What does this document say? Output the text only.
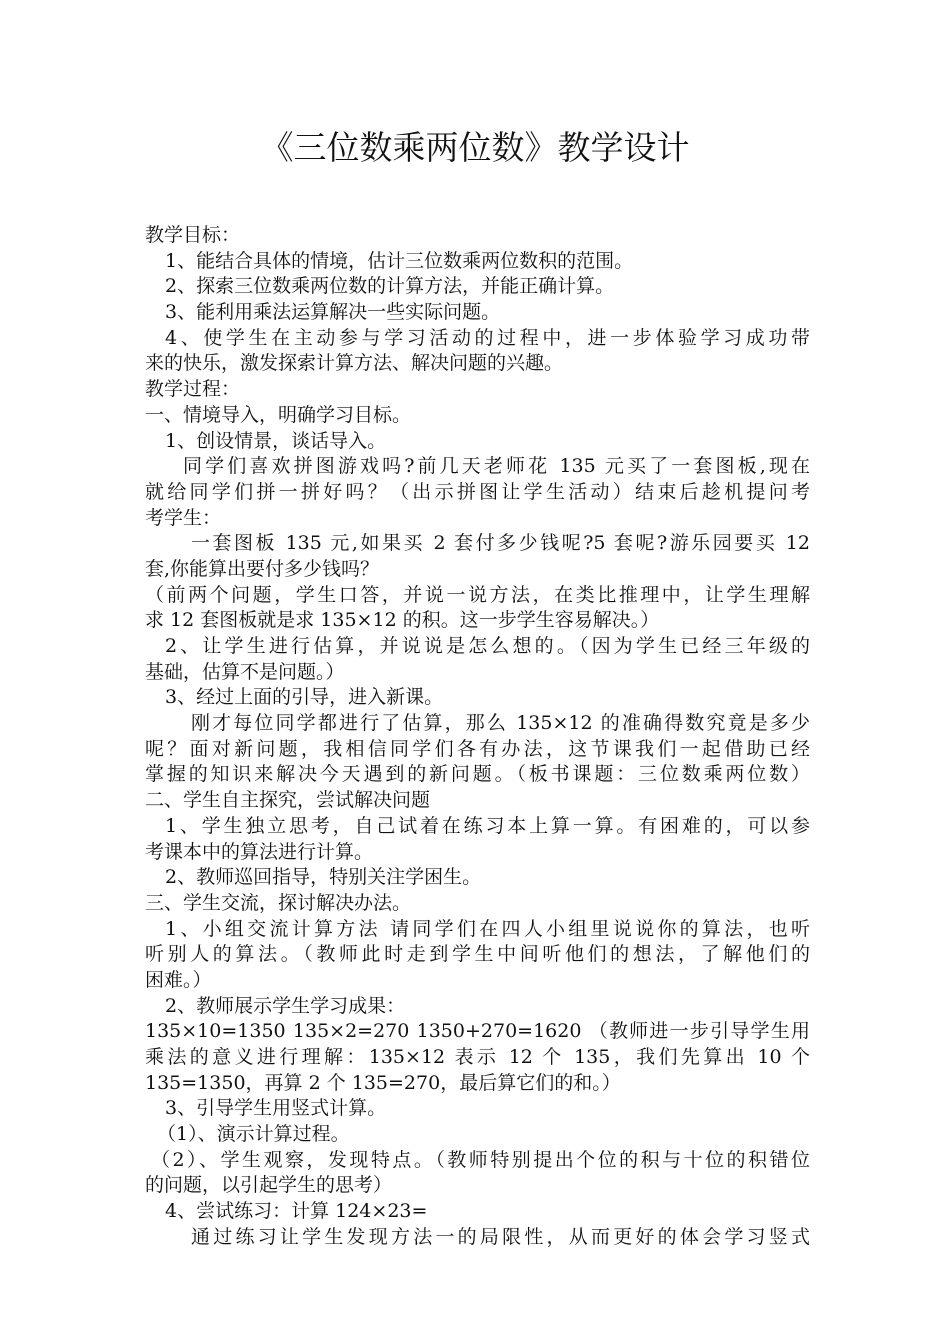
《三位数乘两位数》教学设计
教学目标：
1、能结合具体的情境，估计三位数乘两位数积的范围。
2、探索三位数乘两位数的计算方法，并能正确计算。
3、能利用乘法运算解决一些实际问题。
4、使学生在主动参与学习活动的过程中，进一步体验学习成功带
来的快乐，激发探索计算方法、解决问题的兴趣。
教学过程：
一、情境导入，明确学习目标。
1、创设情景，谈话导入。
同学们喜欢拼图游戏吗?前几天老师花 135 元买了一套图板,现在
就给同学们拼一拼好吗？（出示拼图让学生活动）结束后趁机提问考
考学生：
一套图板 135 元,如果买 2 套付多少钱呢?5 套呢?游乐园要买 12
套,你能算出要付多少钱吗？
（前两个问题，学生口答，并说一说方法，在类比推理中，让学生理解
求 12 套图板就是求 135×12 的积。这一步学生容易解决。）
2、让学生进行估算，并说说是怎么想的。（因为学生已经三年级的
基础，估算不是问题。）
3、经过上面的引导，进入新课。
刚才每位同学都进行了估算，那么 135×12 的准确得数究竟是多少
呢？面对新问题，我相信同学们各有办法，这节课我们一起借助已经
掌握的知识来解决今天遇到的新问题。（板书课题：三位数乘两位数）
二、学生自主探究，尝试解决问题
1、学生独立思考，自己试着在练习本上算一算。有困难的，可以参
考课本中的算法进行计算。
2、教师巡回指导，特别关注学困生。
三、学生交流，探讨解决办法。
1、小组交流计算方法 请同学们在四人小组里说说你的算法，也听
听别人的算法。（教师此时走到学生中间听他们的想法，了解他们的
困难。）
2、教师展示学生学习成果：
135×10=1350 135×2=270 1350+270=1620 （教师进一步引导学生用
乘法的意义进行理解：135×12 表示 12 个 135，我们先算出 10 个
135=1350，再算 2 个 135=270，最后算它们的和。）
3、引导学生用竖式计算。
（1）、演示计算过程。
（2）、学生观察，发现特点。（教师特别提出个位的积与十位的积错位
的问题，以引起学生的思考）
4、尝试练习：计算 124×23=
通过练习让学生发现方法一的局限性，从而更好的体会学习竖式
